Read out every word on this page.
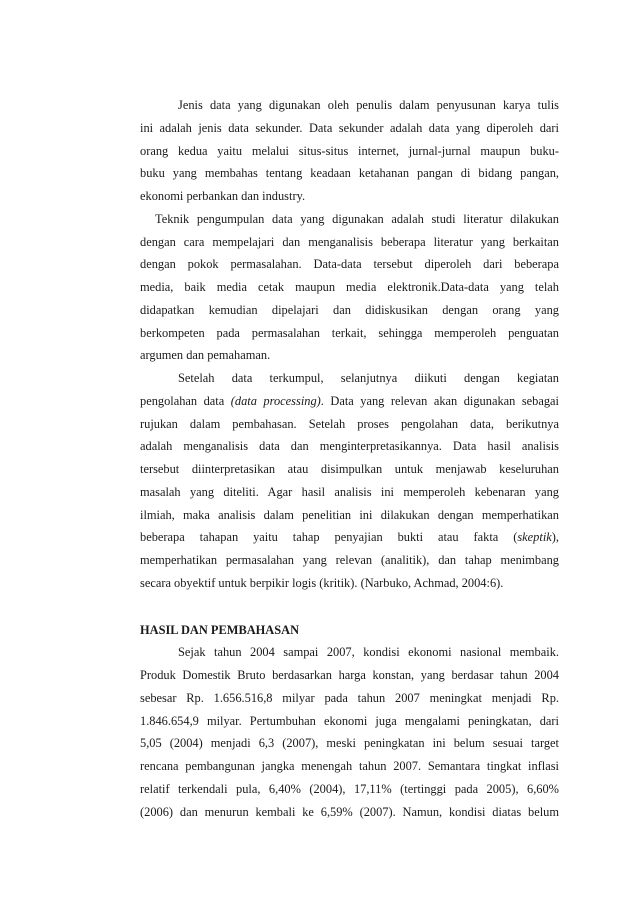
Jenis data yang digunakan oleh penulis dalam penyusunan karya tulis
ini adalah jenis data sekunder. Data sekunder adalah data yang diperoleh dari
orang kedua yaitu melalui situs-situs internet, jurnal-jurnal maupun buku-
buku yang membahas tentang keadaan ketahanan pangan di bidang pangan,
ekonomi perbankan dan industry.
Teknik pengumpulan data yang digunakan adalah studi literatur dilakukan
dengan cara mempelajari dan menganalisis beberapa literatur yang berkaitan
dengan pokok permasalahan. Data-data tersebut diperoleh dari beberapa
media, baik media cetak maupun media elektronik.Data-data yang telah
didapatkan kemudian dipelajari dan didiskusikan dengan orang yang
berkompeten pada permasalahan terkait, sehingga memperoleh penguatan
argumen dan pemahaman.
Setelah data terkumpul, selanjutnya diikuti dengan kegiatan
pengolahan data (data processing). Data yang relevan akan digunakan sebagai
rujukan dalam pembahasan. Setelah proses pengolahan data, berikutnya
adalah menganalisis data dan menginterpretasikannya. Data hasil analisis
tersebut diinterpretasikan atau disimpulkan untuk menjawab keseluruhan
masalah yang diteliti. Agar hasil analisis ini memperoleh kebenaran yang
ilmiah, maka analisis dalam penelitian ini dilakukan dengan memperhatikan
beberapa tahapan yaitu tahap penyajian bukti atau fakta (skeptik),
memperhatikan permasalahan yang relevan (analitik), dan tahap menimbang
secara obyektif untuk berpikir logis (kritik). (Narbuko, Achmad, 2004:6).
HASIL DAN PEMBAHASAN
Sejak tahun 2004 sampai 2007, kondisi ekonomi nasional membaik.
Produk Domestik Bruto berdasarkan harga konstan, yang berdasar tahun 2004
sebesar Rp. 1.656.516,8 milyar pada tahun 2007 meningkat menjadi Rp.
1.846.654,9 milyar. Pertumbuhan ekonomi juga mengalami peningkatan, dari
5,05 (2004) menjadi 6,3 (2007), meski peningkatan ini belum sesuai target
rencana pembangunan jangka menengah tahun 2007. Semantara tingkat inflasi
relatif terkendali pula, 6,40% (2004), 17,11% (tertinggi pada 2005), 6,60%
(2006) dan menurun kembali ke 6,59% (2007). Namun, kondisi diatas belum
